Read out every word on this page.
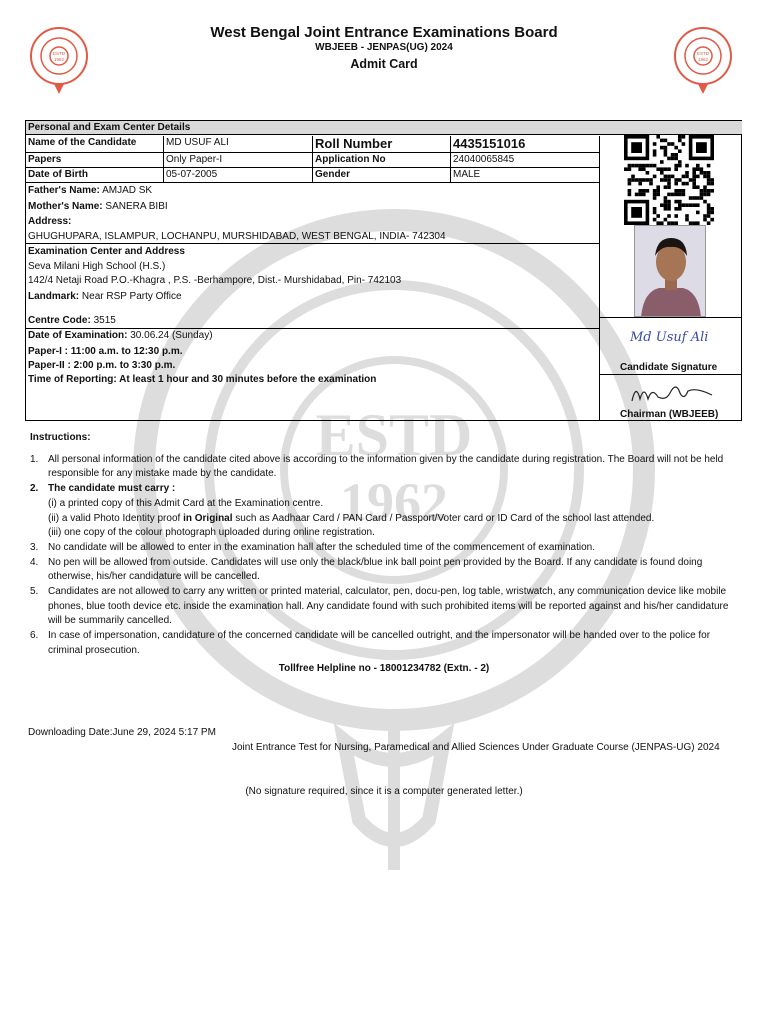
ESTD
1962
ESTD
1962
ESTD
1962
West Bengal Joint Entrance Examinations Board
WBJEEB - JENPAS(UG) 2024
Admit Card
Personal and Exam Center Details
Name of the Candidate	MD USUF ALI	Roll Number	4435151016
Papers	Only Paper-I	Application No	24040065845
Date of Birth	05-07-2005	Gender	MALE
Father's Name: AMJAD SK
Mother's Name: SANERA BIBI
Address:
GHUGHUPARA, ISLAMPUR, LOCHANPU, MURSHIDABAD, WEST BENGAL, INDIA- 742304
Examination Center and Address
Seva Milani High School (H.S.)
142/4 Netaji Road P.O.-Khagra , P.S. -Berhampore, Dist.- Murshidabad, Pin- 742103
Landmark: Near RSP Party Office
Centre Code: 3515
Date of Examination: 30.06.24 (Sunday)
Paper-I : 11:00 a.m. to 12:30 p.m.
Paper-II : 2:00 p.m. to 3:30 p.m.
Time of Reporting: At least 1 hour and 30 minutes before the examination
Md Usuf Ali
Candidate Signature
Chairman (WBJEEB)
Instructions:
1. All personal information of the candidate cited above is according to the information given by the candidate during registration. The Board will not be held responsible for any mistake made by the candidate.
2. The candidate must carry :
(i) a printed copy of this Admit Card at the Examination centre.
(ii) a valid Photo Identity proof in Original such as Aadhaar Card / PAN Card / Passport/Voter card or ID Card of the school last attended.
(iii) one copy of the colour photograph uploaded during online registration.
3. No candidate will be allowed to enter in the examination hall after the scheduled time of the commencement of examination.
4. No pen will be allowed from outside. Candidates will use only the black/blue ink ball point pen provided by the Board. If any candidate is found doing otherwise, his/her candidature will be cancelled.
5. Candidates are not allowed to carry any written or printed material, calculator, pen, docu-pen, log table, wristwatch, any communication device like mobile phones, blue tooth device etc. inside the examination hall. Any candidate found with such prohibited items will be reported against and his/her candidature will be summarily cancelled.
6. In case of impersonation, candidature of the concerned candidate will be cancelled outright, and the impersonator will be handed over to the police for criminal prosecution.
Tollfree Helpline no - 18001234782 (Extn. - 2)
Downloading Date:June 29, 2024 5:17 PM
Joint Entrance Test for Nursing, Paramedical and Allied Sciences Under Graduate Course (JENPAS-UG) 2024
(No signature required, since it is a computer generated letter.)
